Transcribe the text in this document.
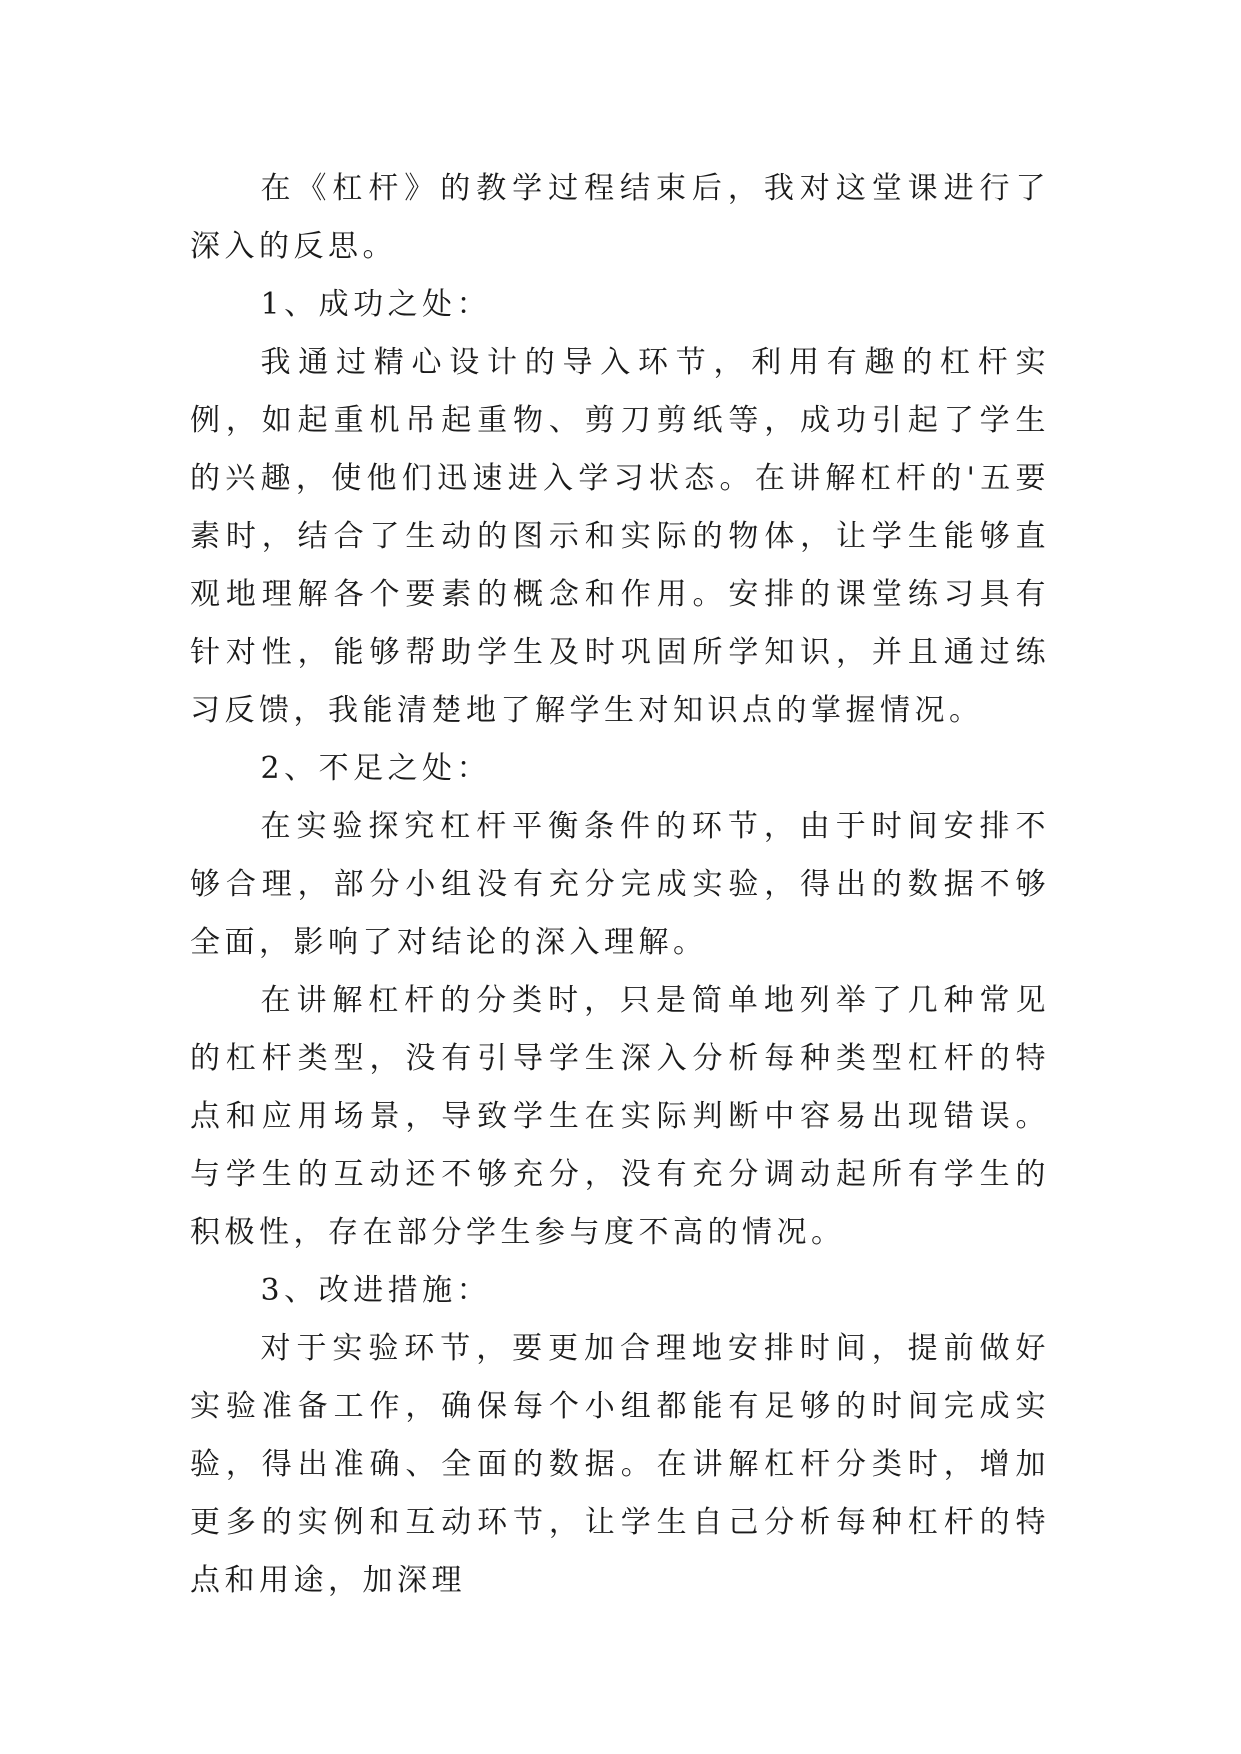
在《杠杆》的教学过程结束后，我对这堂课进行了深入的反思。

1、成功之处：

我通过精心设计的导入环节，利用有趣的杠杆实例，如起重机吊起重物、剪刀剪纸等，成功引起了学生的兴趣，使他们迅速进入学习状态。在讲解杠杆的'五要素时，结合了生动的图示和实际的物体，让学生能够直观地理解各个要素的概念和作用。安排的课堂练习具有针对性，能够帮助学生及时巩固所学知识，并且通过练习反馈，我能清楚地了解学生对知识点的掌握情况。

2、不足之处：

在实验探究杠杆平衡条件的环节，由于时间安排不够合理，部分小组没有充分完成实验，得出的数据不够全面，影响了对结论的深入理解。

在讲解杠杆的分类时，只是简单地列举了几种常见的杠杆类型，没有引导学生深入分析每种类型杠杆的特点和应用场景，导致学生在实际判断中容易出现错误。与学生的互动还不够充分，没有充分调动起所有学生的积极性，存在部分学生参与度不高的情况。

3、改进措施：

对于实验环节，要更加合理地安排时间，提前做好实验准备工作，确保每个小组都能有足够的时间完成实验，得出准确、全面的数据。在讲解杠杆分类时，增加更多的实例和互动环节，让学生自己分析每种杠杆的特点和用途，加深理
